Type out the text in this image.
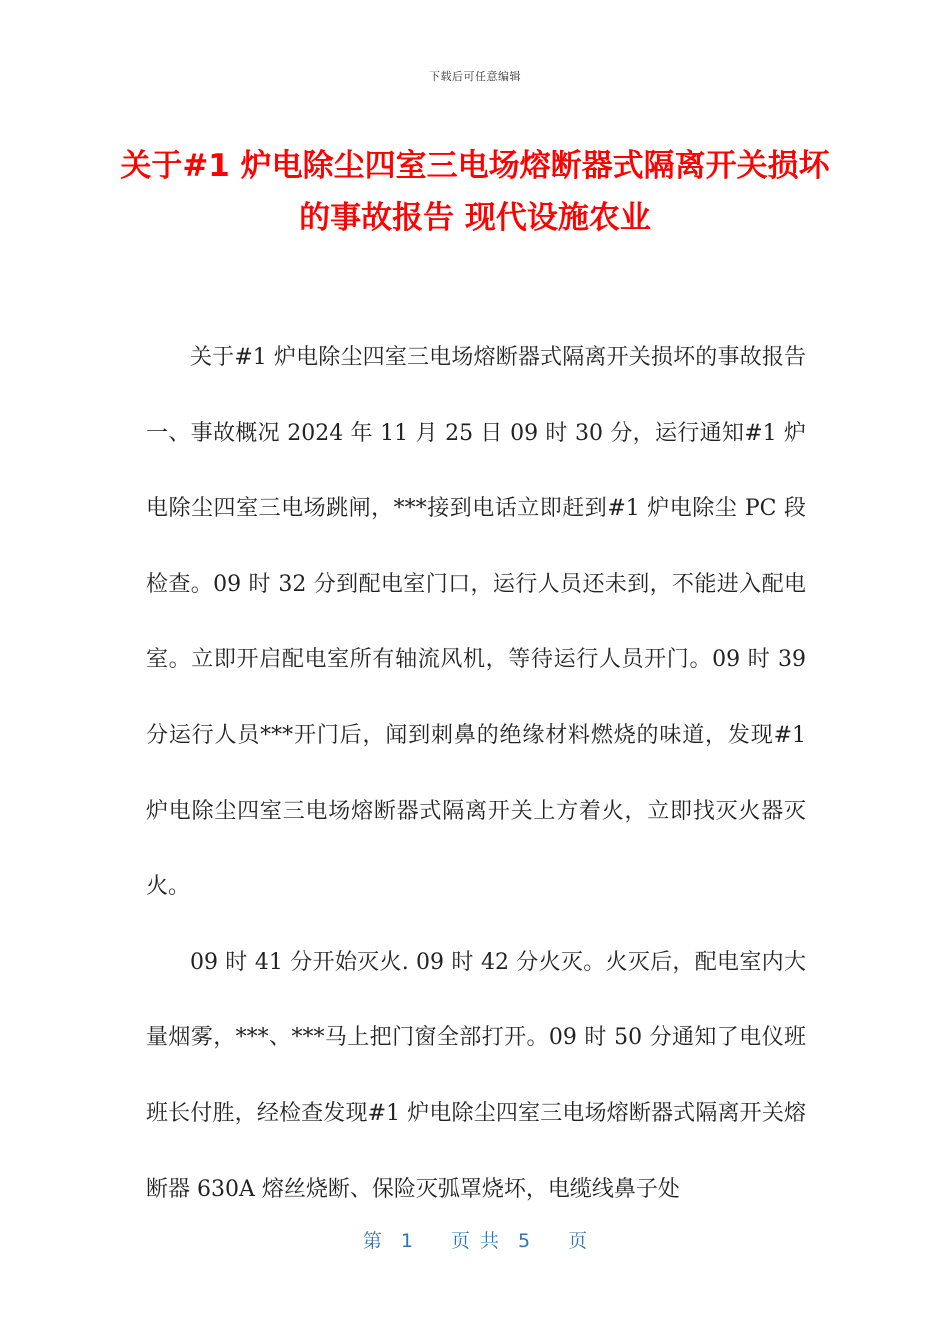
下载后可任意编辑
关于#1 炉电除尘四室三电场熔断器式隔离开关损坏的事故报告 现代设施农业

关于#1 炉电除尘四室三电场熔断器式隔离开关损坏的事故报告一、事故概况 2024 年 11 月 25 日 09 时 30 分，运行通知#1 炉电除尘四室三电场跳闸，***接到电话立即赶到#1 炉电除尘 PC 段检查。09 时 32 分到配电室门口，运行人员还未到，不能进入配电室。立即开启配电室所有轴流风机，等待运行人员开门。09 时 39 分运行人员***开门后，闻到刺鼻的绝缘材料燃烧的味道，发现#1 炉电除尘四室三电场熔断器式隔离开关上方着火，立即找灭火器灭火。

09 时 41 分开始灭火. 09 时 42 分火灭。火灭后，配电室内大量烟雾，***、***马上把门窗全部打开。09 时 50 分通知了电仪班班长付胜，经检查发现#1 炉电除尘四室三电场熔断器式隔离开关熔断器 630A 熔丝烧断、保险灭弧罩烧坏，电缆线鼻子处

第　1　　页 共　5　　页
